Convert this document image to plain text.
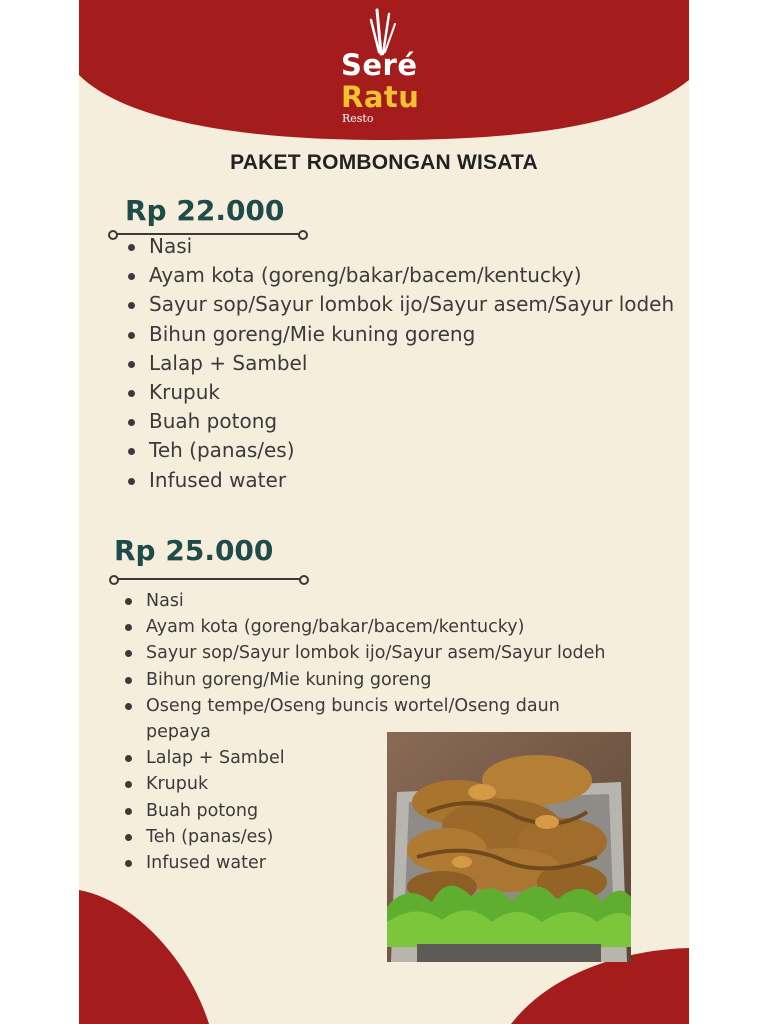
Seré
Ratu
Resto
PAKET ROMBONGAN WISATA
Rp 22.000
Nasi
Ayam kota (goreng/bakar/bacem/kentucky)
Sayur sop/Sayur lombok ijo/Sayur asem/Sayur lodeh
Bihun goreng/Mie kuning goreng
Lalap + Sambel
Krupuk
Buah potong
Teh (panas/es)
Infused water
Rp 25.000
Nasi
Ayam kota (goreng/bakar/bacem/kentucky)
Sayur sop/Sayur lombok ijo/Sayur asem/Sayur lodeh
Bihun goreng/Mie kuning goreng
Oseng tempe/Oseng buncis wortel/Oseng daun pepaya
Lalap + Sambel
Krupuk
Buah potong
Teh (panas/es)
Infused water
